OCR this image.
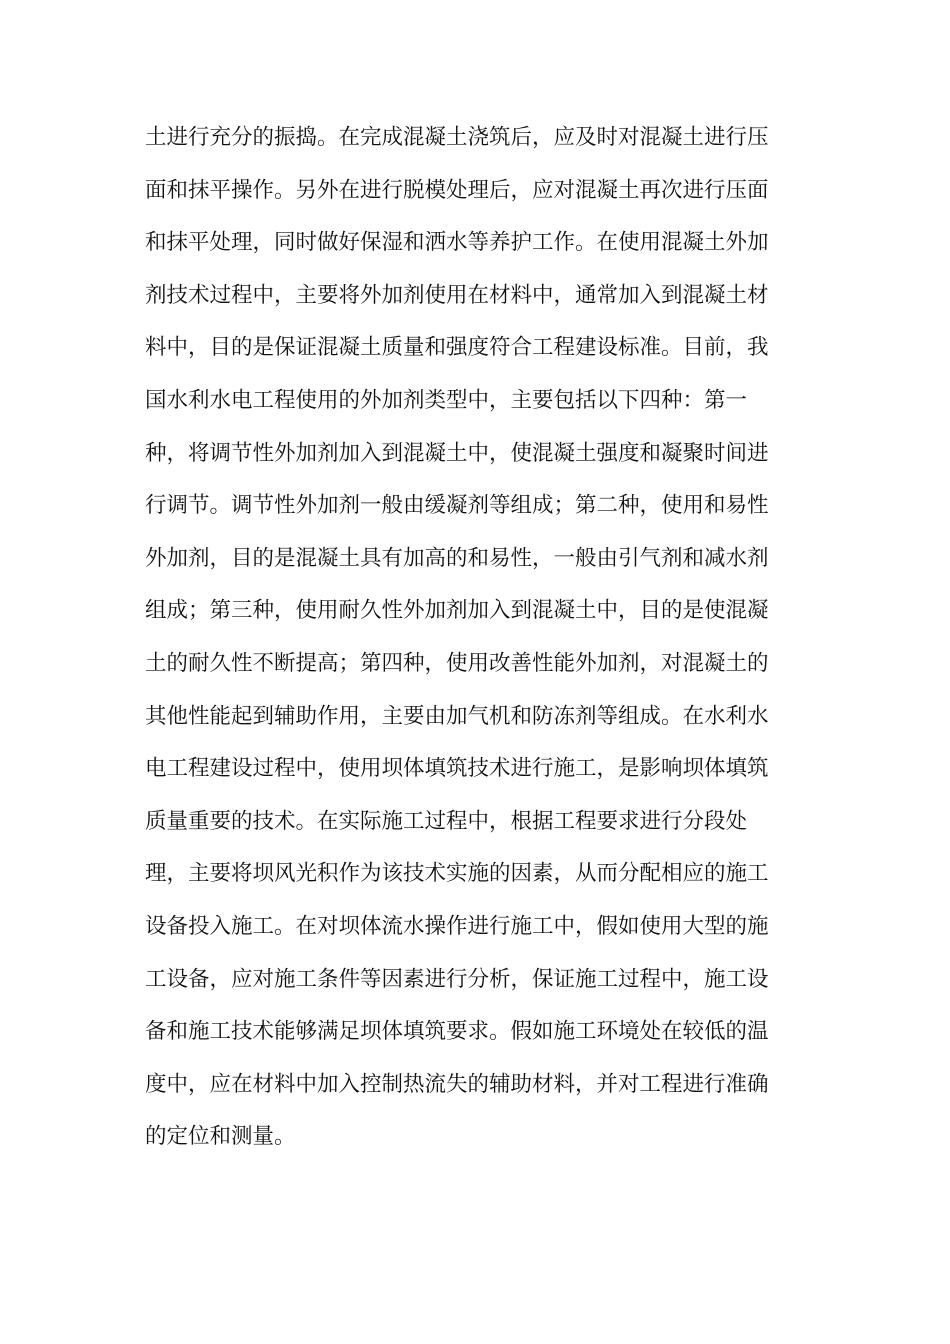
土进行充分的振捣。在完成混凝土浇筑后，应及时对混凝土进行压
面和抹平操作。另外在进行脱模处理后，应对混凝土再次进行压面
和抹平处理，同时做好保湿和洒水等养护工作。在使用混凝土外加
剂技术过程中，主要将外加剂使用在材料中，通常加入到混凝土材
料中，目的是保证混凝土质量和强度符合工程建设标准。目前，我
国水利水电工程使用的外加剂类型中，主要包括以下四种：第一
种，将调节性外加剂加入到混凝土中，使混凝土强度和凝聚时间进
行调节。调节性外加剂一般由缓凝剂等组成；第二种，使用和易性
外加剂，目的是混凝土具有加高的和易性，一般由引气剂和减水剂
组成；第三种，使用耐久性外加剂加入到混凝土中，目的是使混凝
土的耐久性不断提高；第四种，使用改善性能外加剂，对混凝土的
其他性能起到辅助作用，主要由加气机和防冻剂等组成。在水利水
电工程建设过程中，使用坝体填筑技术进行施工，是影响坝体填筑
质量重要的技术。在实际施工过程中，根据工程要求进行分段处
理，主要将坝风光积作为该技术实施的因素，从而分配相应的施工
设备投入施工。在对坝体流水操作进行施工中，假如使用大型的施
工设备，应对施工条件等因素进行分析，保证施工过程中，施工设
备和施工技术能够满足坝体填筑要求。假如施工环境处在较低的温
度中，应在材料中加入控制热流失的辅助材料，并对工程进行准确
的定位和测量。
